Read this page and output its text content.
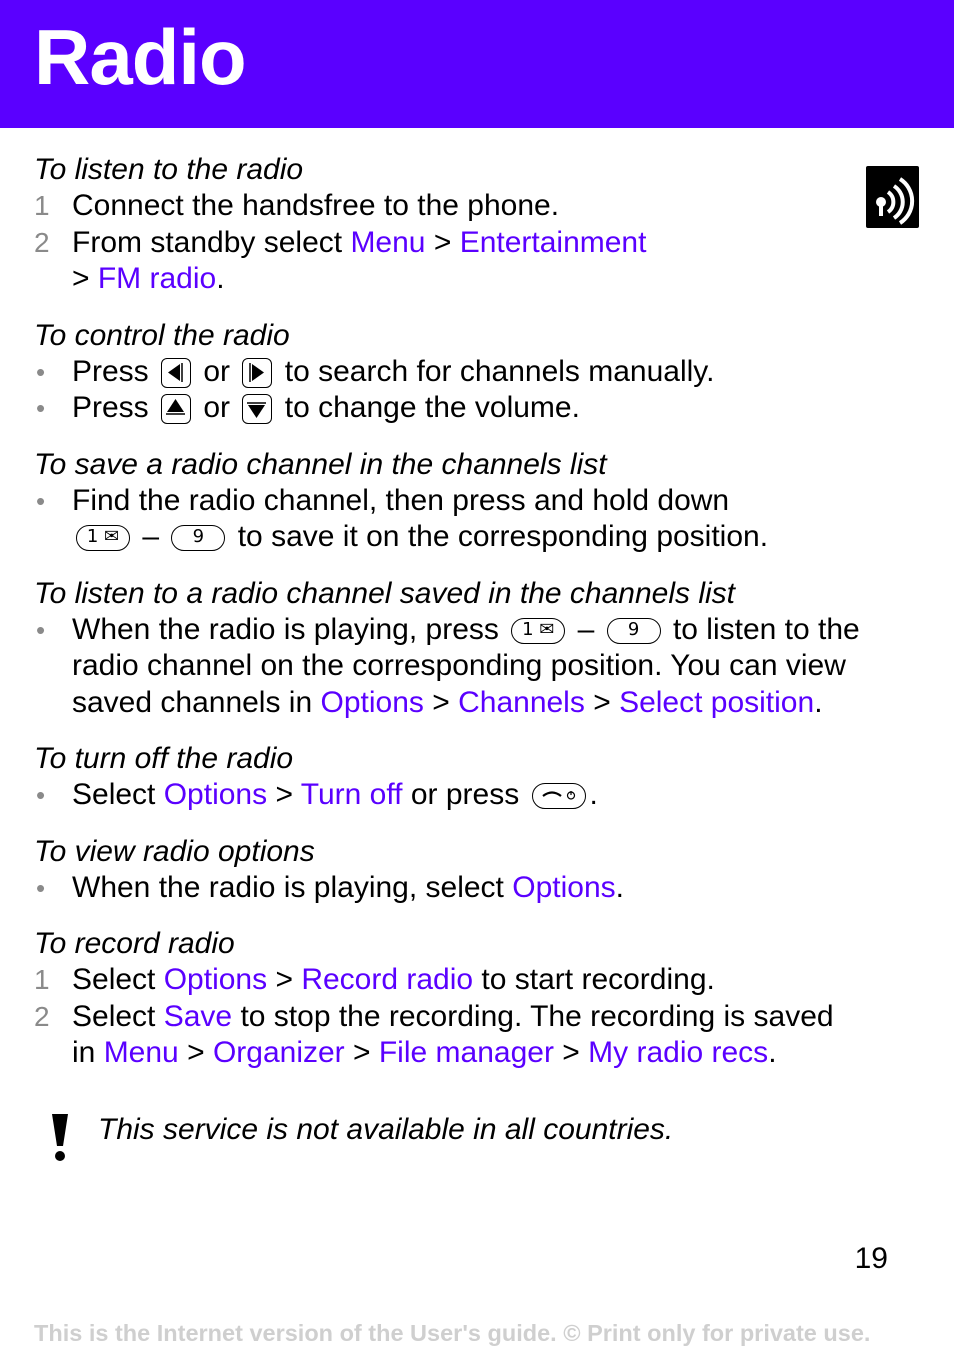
Radio

To listen to the radio

1 Connect the handsfree to the phone.

2 From standby select Menu > Entertainment

> FM radio.

To control the radio

• Press or to search for channels manually.

• Press or to change the volume.

To save a radio channel in the channels list

• Find the radio channel, then press and hold down

1 ✉ – 9 to save it on the corresponding position.

To listen to a radio channel saved in the channels list

• When the radio is playing, press 1 ✉ – 9 to listen to the

radio channel on the corresponding position. You can view

saved channels in Options > Channels > Select position.

To turn off the radio

• Select Options > Turn off or press .

To view radio options

• When the radio is playing, select Options.

To record radio

1 Select Options > Record radio to start recording.

2 Select Save to stop the recording. The recording is saved

in Menu > Organizer > File manager > My radio recs.

This service is not available in all countries.
19
This is the Internet version of the User's guide. © Print only for private use.
